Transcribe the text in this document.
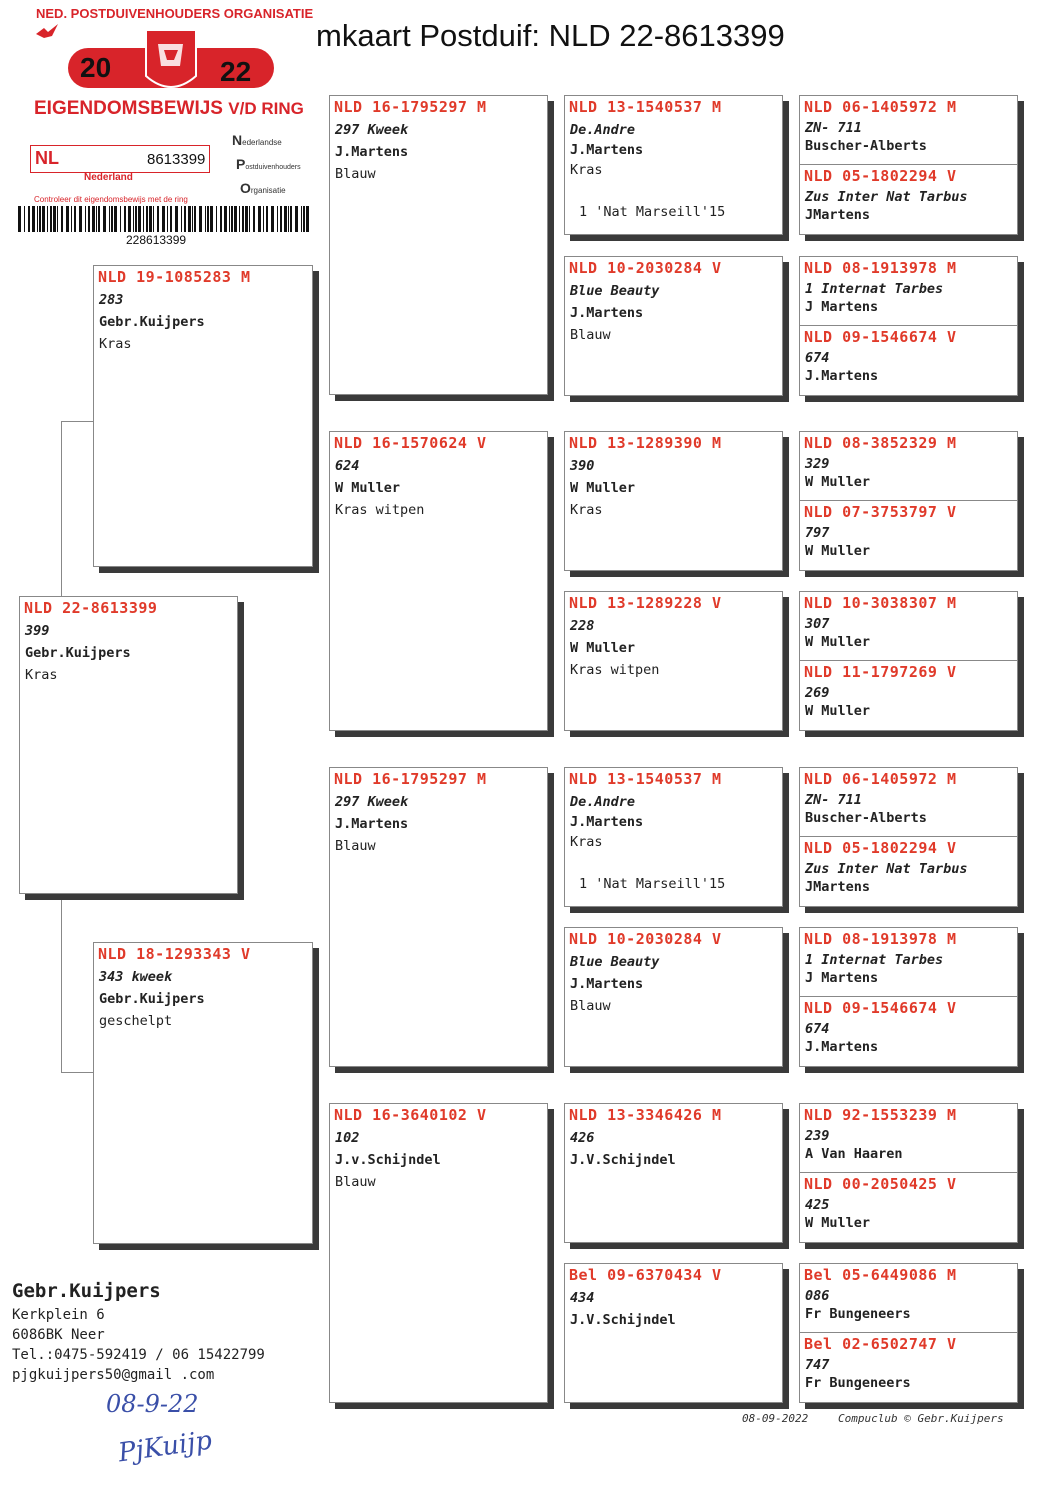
mkaart Postduif: NLD 22-8613399
NED. POSTDUIVENHOUDERS ORGANISATIE
20	22
EIGENDOMSBEWIJS V/D RING
NL	8613399
Nederlandse
Postduivenhouders
Organisatie
Nederland
Controleer dit eigendomsbewijs met de ring
228613399
NLD 22-8613399
399
Gebr.Kuijpers
Kras
NLD 19-1085283 M
283
Gebr.Kuijpers
Kras
NLD 18-1293343 V
343 kweek
Gebr.Kuijpers
geschelpt
NLD 16-1795297 M
297 Kweek
J.Martens
Blauw
NLD 16-1570624 V
624
W Muller
Kras witpen
NLD 16-1795297 M
297 Kweek
J.Martens
Blauw
NLD 16-3640102 V
102
J.v.Schijndel
Blauw
NLD 13-1540537 M
De.Andre
J.Martens
Kras
1 'Nat Marseill'15
NLD 10-2030284 V
Blue Beauty
J.Martens
Blauw
NLD 13-1289390 M
390
W Muller
Kras
NLD 13-1289228 V
228
W Muller
Kras witpen
NLD 13-1540537 M
De.Andre
J.Martens
Kras
1 'Nat Marseill'15
NLD 10-2030284 V
Blue Beauty
J.Martens
Blauw
NLD 13-3346426 M
426
J.V.Schijndel
Bel 09-6370434 V
434
J.V.Schijndel
NLD 06-1405972 M
ZN- 711
Buscher-Alberts
NLD 05-1802294 V
Zus Inter Nat Tarbus
JMartens
NLD 08-1913978 M
1 Internat Tarbes
J Martens
NLD 09-1546674 V
674
J.Martens
NLD 08-3852329 M
329
W Muller
NLD 07-3753797 V
797
W Muller
NLD 10-3038307 M
307
W Muller
NLD 11-1797269 V
269
W Muller
NLD 06-1405972 M
ZN- 711
Buscher-Alberts
NLD 05-1802294 V
Zus Inter Nat Tarbus
JMartens
NLD 08-1913978 M
1 Internat Tarbes
J Martens
NLD 09-1546674 V
674
J.Martens
NLD 92-1553239 M
239
A Van Haaren
NLD 00-2050425 V
425
W Muller
Bel 05-6449086 M
086
Fr Bungeneers
Bel 02-6502747 V
747
Fr Bungeneers
Gebr.Kuijpers
Kerkplein 6
6086BK Neer
Tel.:0475-592419 / 06 15422799
pjgkuijpers50@gmail .com
08-9-22
PjKuijp
08-09-2022	Compuclub © Gebr.Kuijpers
